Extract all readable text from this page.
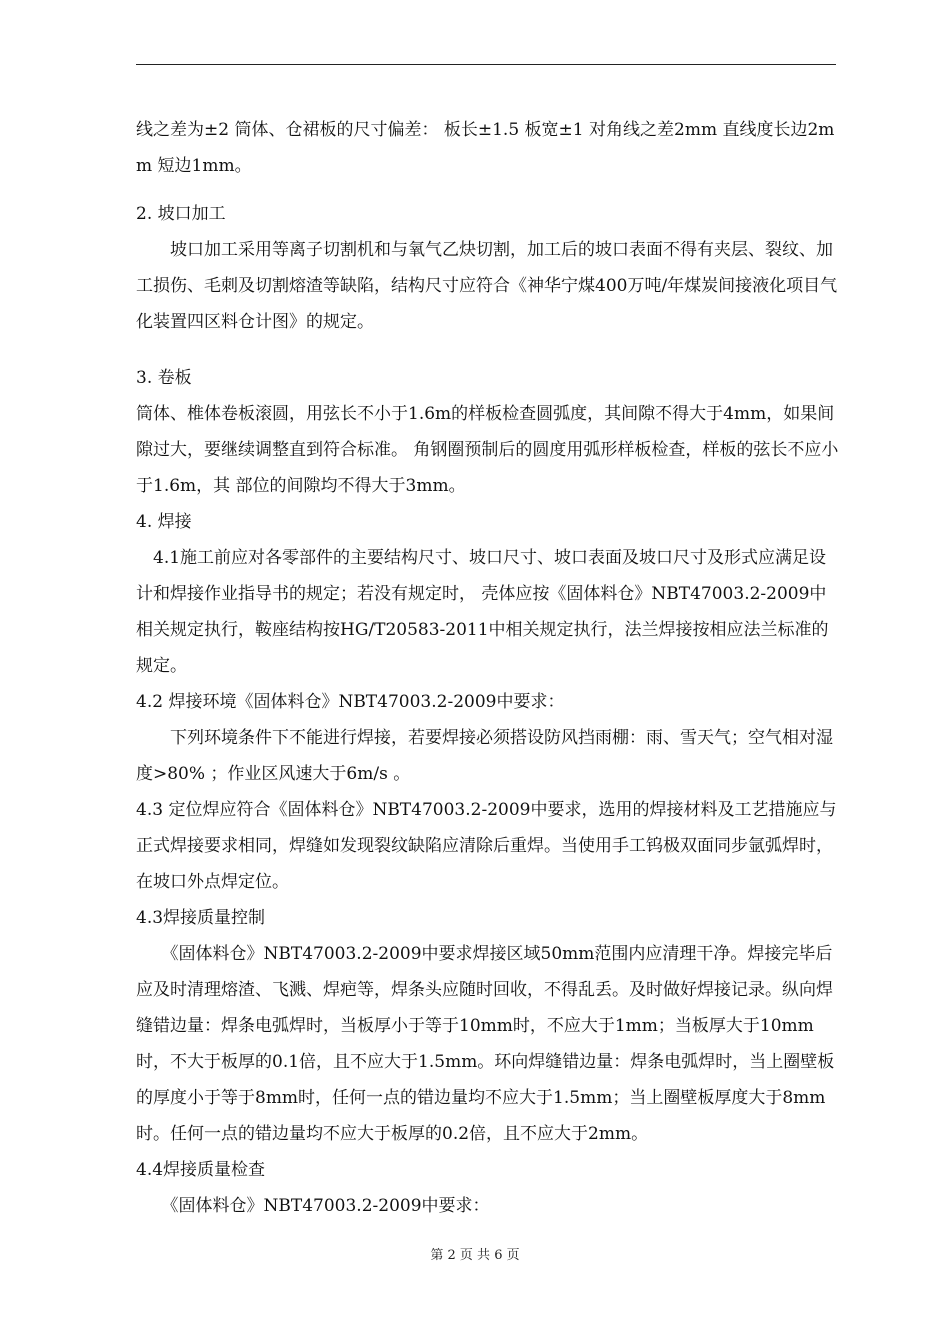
线之差为±2 筒体、仓裙板的尺寸偏差： 板长±1.5 板宽±1 对角线之差2mm 直线度长边2mm 短边1mm。

2. 坡口加工

　　坡口加工采用等离子切割机和与氧气乙炔切割，加工后的坡口表面不得有夹层、裂纹、加工损伤、毛刺及切割熔渣等缺陷，结构尺寸应符合《神华宁煤400万吨/年煤炭间接液化项目气化装置四区料仓计图》的规定。

3. 卷板

筒体、椎体卷板滚圆，用弦长不小于1.6m的样板检查圆弧度，其间隙不得大于4mm，如果间隙过大，要继续调整直到符合标准。 角钢圈预制后的圆度用弧形样板检查，样板的弦长不应小于1.6m，其 部位的间隙均不得大于3mm。

4. 焊接

　4.1施工前应对各零部件的主要结构尺寸、坡口尺寸、坡口表面及坡口尺寸及形式应满足设计和焊接作业指导书的规定；若没有规定时， 壳体应按《固体料仓》NBT47003.2-2009中相关规定执行，鞍座结构按HG/T20583-2011中相关规定执行，法兰焊接按相应法兰标准的规定。

4.2 焊接环境《固体料仓》NBT47003.2-2009中要求：

　　下列环境条件下不能进行焊接，若要焊接必须搭设防风挡雨棚：雨、雪天气；空气相对湿度>80% ；作业区风速大于6m/s 。

4.3 定位焊应符合《固体料仓》NBT47003.2-2009中要求，选用的焊接材料及工艺措施应与正式焊接要求相同，焊缝如发现裂纹缺陷应清除后重焊。当使用手工钨极双面同步氩弧焊时，在坡口外点焊定位。

4.3焊接质量控制

　　《固体料仓》NBT47003.2-2009中要求焊接区域50mm范围内应清理干净。焊接完毕后应及时清理熔渣、飞溅、焊疤等，焊条头应随时回收，不得乱丢。及时做好焊接记录。纵向焊缝错边量：焊条电弧焊时，当板厚小于等于10mm时，不应大于1mm；当板厚大于10mm时，不大于板厚的0.1倍，且不应大于1.5mm。环向焊缝错边量：焊条电弧焊时，当上圈壁板的厚度小于等于8mm时，任何一点的错边量均不应大于1.5mm；当上圈壁板厚度大于8mm时。任何一点的错边量均不应大于板厚的0.2倍，且不应大于2mm。

4.4焊接质量检查

　　《固体料仓》NBT47003.2-2009中要求：

第 2 页 共 6 页
